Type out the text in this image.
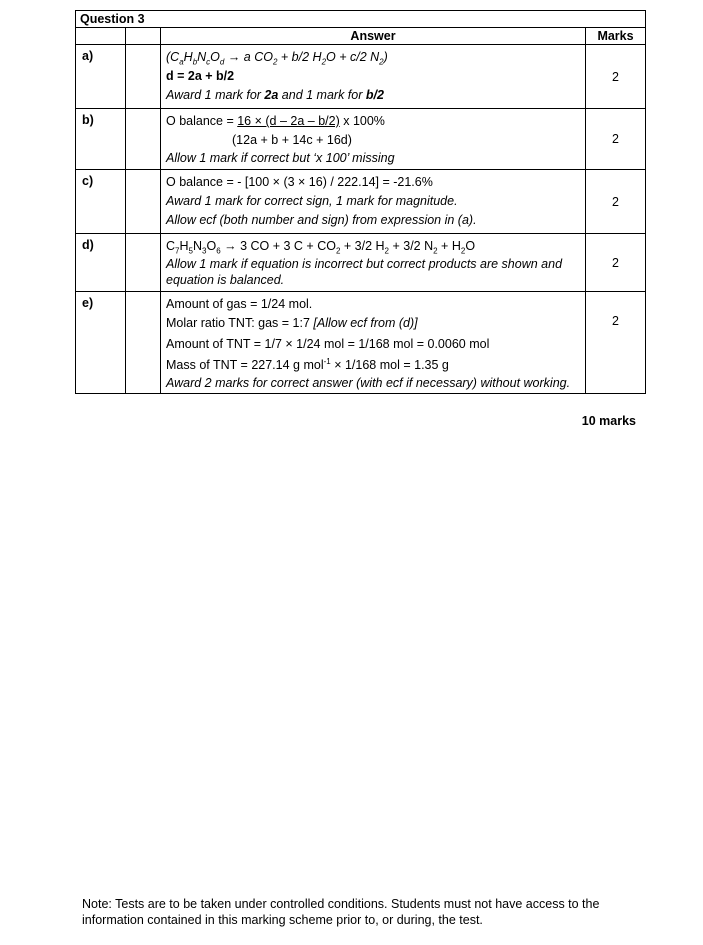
Question 3			
		Answer	Marks
a)		($C_aH_bN_cO_d \to a$ $CO_2 + b/2$ $H_2O + c/2$ $N_2$)
d = 2a + b/2
Award 1 mark for 2a and 1 mark for b/2	2
b)		O balance = 16 × (d – 2a – b/2) x 100%
(12a + b + 14c + 16d)
Allow 1 mark if correct but ‘x 100’ missing	2
c)		O balance = - [100 × (3 × 16) / 222.14] = -21.6%
Award 1 mark for correct sign, 1 mark for magnitude.
Allow ecf (both number and sign) from expression in (a).	2
d)		$C_7H_5N_3O_6 \to 3$ CO + 3 $C + CO_2 + 3/2$ $H_2 + 3/2$ $N_2 + H_2O$
Allow 1 mark if equation is incorrect but correct products are shown and equation is balanced.	2
e)		Amount of gas = 1/24 mol.
Molar ratio TNT: gas = 1:7 [Allow ecf from (d)]
Amount of TNT = 1/7 × 1/24 mol = 1/168 mol = 0.0060 mol
Mass of TNT = 227.14 g mol$^{-1}$ × 1/168 mol = 1.35 g
Award 2 marks for correct answer (with ecf if necessary) without working.	2
10 marks
Note: Tests are to be taken under controlled conditions. Students must not have access to the information contained in this marking scheme prior to, or during, the test.
